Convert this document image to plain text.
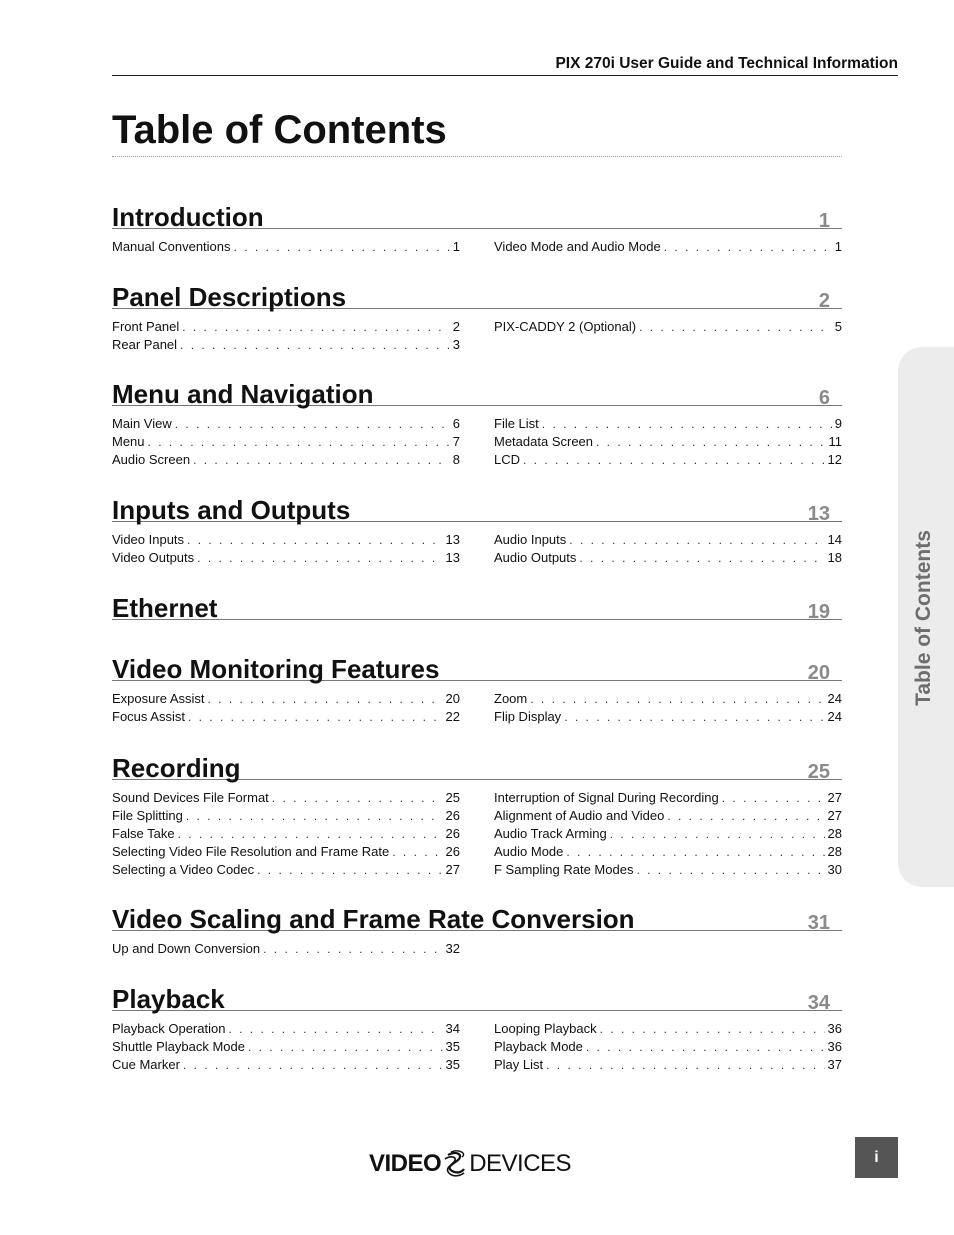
PIX 270i User Guide and Technical Information
Table of Contents
Introduction	1
Manual Conventions . . .	1	Video Mode and Audio Mode . . .	1
Panel Descriptions	2
Front Panel . . .	2
Rear Panel . . .	3
PIX-CADDY 2 (Optional) . . .	5
Menu and Navigation	6
Main View . . .	6
Menu . . .	7
Audio Screen . . .	8
File List . . .	9
Metadata Screen . . .	11
LCD . . .	12
Inputs and Outputs	13
Video Inputs . . .	13
Video Outputs . . .	13
Audio Inputs . . .	14
Audio Outputs . . .	18
Ethernet	19
Video Monitoring Features	20
Exposure Assist . . .	20
Focus Assist . . .	22
Zoom . . .	24
Flip Display . . .	24
Recording	25
Sound Devices File Format . . .	25
File Splitting . . .	26
False Take . . .	26
Selecting Video File Resolution and Frame Rate . . .	26
Selecting a Video Codec . . .	27
Interruption of Signal During Recording . . .	27
Alignment of Audio and Video . . .	27
Audio Track Arming . . .	28
Audio Mode . . .	28
F Sampling Rate Modes . . .	30
Video Scaling and Frame Rate Conversion	31
Up and Down Conversion . . .	32
Playback	34
Playback Operation . . .	34
Shuttle Playback Mode . . .	35
Cue Marker . . .	35
Looping Playback . . .	36
Playback Mode . . .	36
Play List . . .	37
Table of Contents
VIDEO DEVICES	i
